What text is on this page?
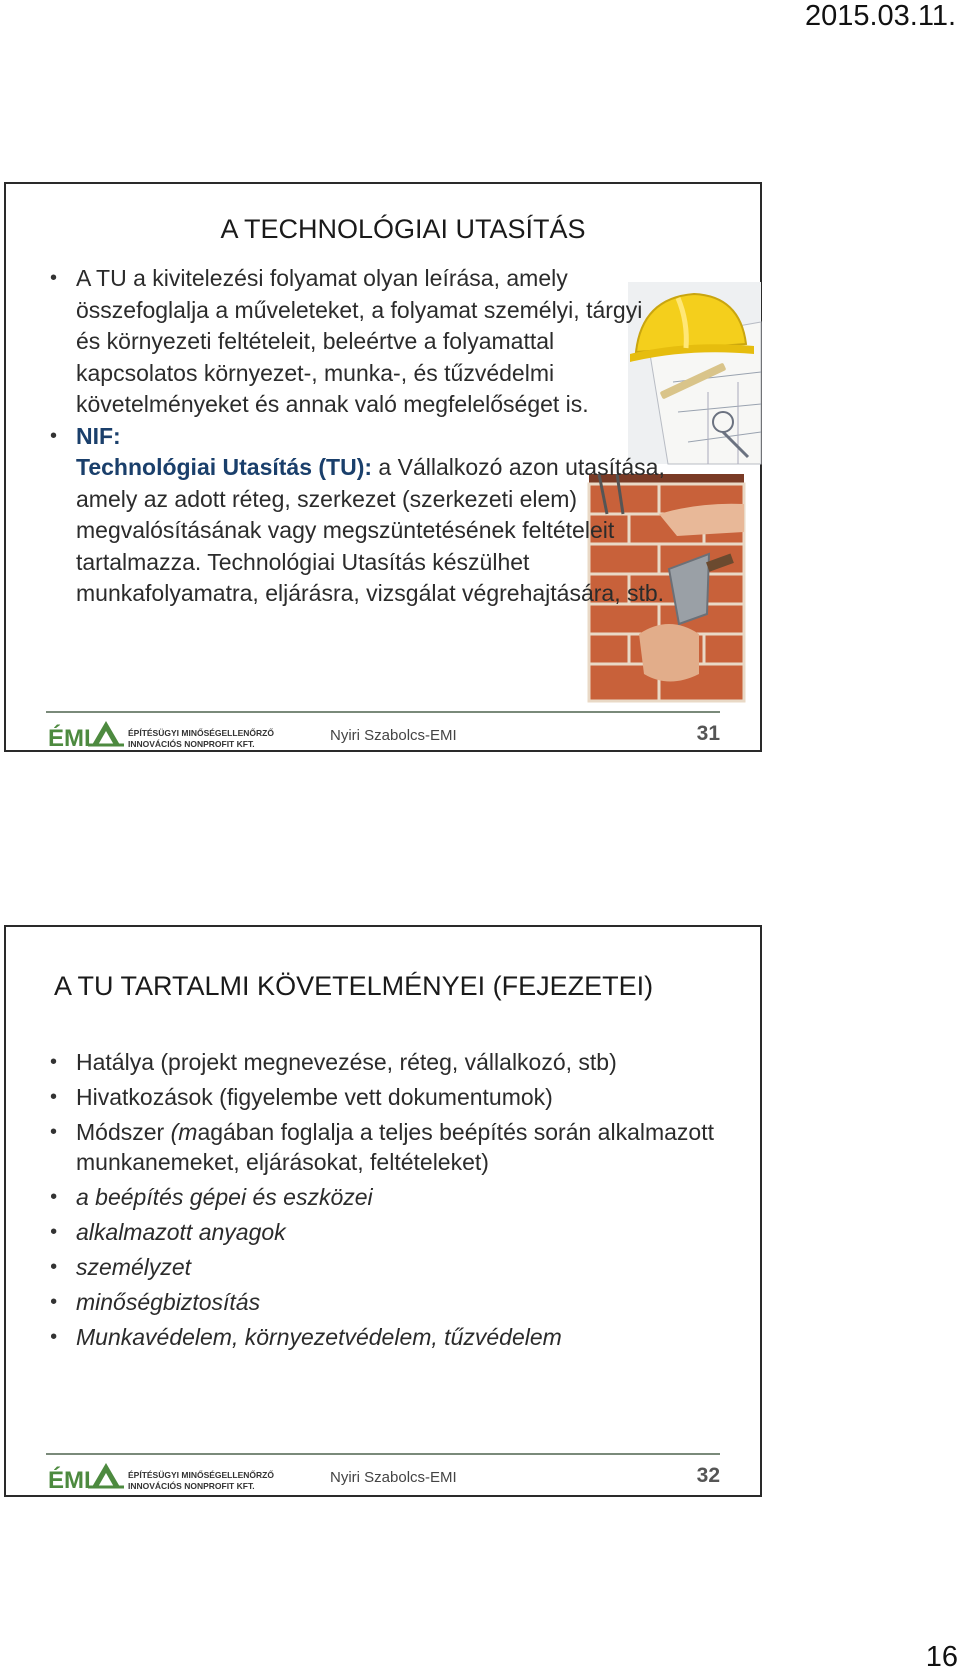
2015.03.11.
A TECHNOLÓGIAI UTASÍTÁS
• A TU a kivitelezési folyamat olyan leírása, amely összefoglalja a műveleteket, a folyamat személyi, tárgyi és környezeti feltételeit, beleértve a folyamattal kapcsolatos környezet-, munka-, és tűzvédelmi követelményeket és annak való megfelelőséget is.
• NIF:
Technológiai Utasítás (TU): a Vállalkozó azon utasítása, amely az adott réteg, szerkezet (szerkezeti elem) megvalósításának vagy megszüntetésének feltételeit tartalmazza. Technológiai Utasítás készülhet munkafolyamatra, eljárásra, vizsgálat végrehajtására, stb.
ÉMI	ÉPÍTÉSÜGYI MINŐSÉGELLENŐRZŐ
INNOVÁCIÓS NONPROFIT KFT.	Nyiri Szabolcs-EMI	31
A TU TARTALMI KÖVETELMÉNYEI (FEJEZETEI)
• Hatálya (projekt megnevezése, réteg, vállalkozó, stb)
• Hivatkozások (figyelembe vett dokumentumok)
• Módszer (magában foglalja a teljes beépítés során alkalmazott munkanemeket, eljárásokat, feltételeket)
• a beépítés gépei és eszközei
• alkalmazott anyagok
• személyzet
• minőségbiztosítás
• Munkavédelem, környezetvédelem, tűzvédelem
ÉMI	ÉPÍTÉSÜGYI MINŐSÉGELLENŐRZŐ
INNOVÁCIÓS NONPROFIT KFT.	Nyiri Szabolcs-EMI	32
16
